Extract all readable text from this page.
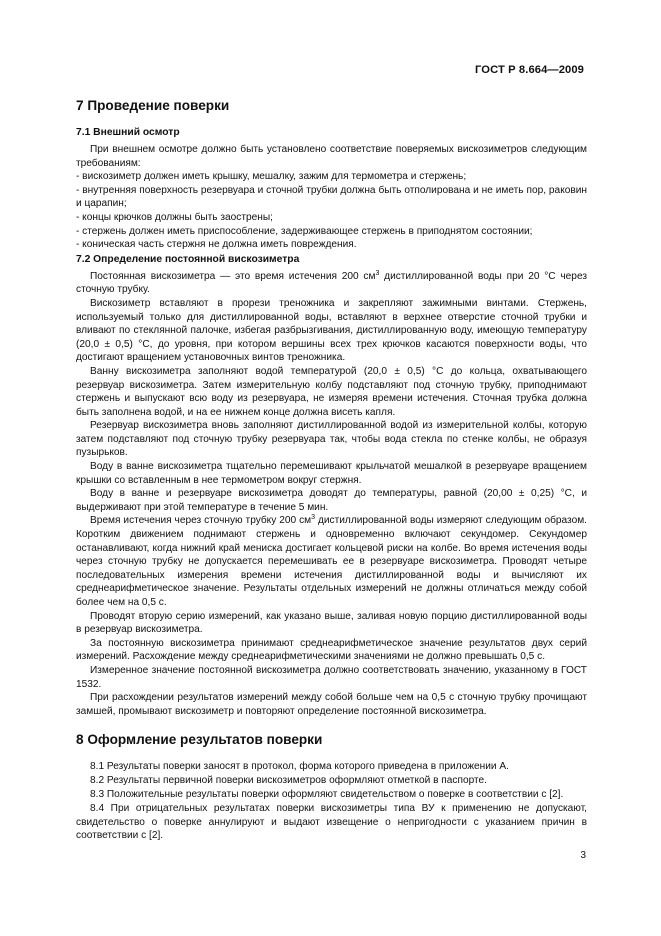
ГОСТ Р 8.664—2009
7 Проведение поверки
7.1 Внешний осмотр

При внешнем осмотре должно быть установлено соответствие поверяемых вискозиметров следующим требованиям:

- вискозиметр должен иметь крышку, мешалку, зажим для термометра и стержень;

- внутренняя поверхность резервуара и сточной трубки должна быть отполирована и не иметь пор, раковин и царапин;

- концы крючков должны быть заострены;

- стержень должен иметь приспособление, задерживающее стержень в приподнятом состоянии;

- коническая часть стержня не должна иметь повреждения.

7.2 Определение постоянной вискозиметра

Постоянная вискозиметра — это время истечения 200 $см^3$ дистиллированной воды при 20 °С через сточную трубку.

Вискозиметр вставляют в прорези треножника и закрепляют зажимными винтами. Стержень, используемый только для дистиллированной воды, вставляют в верхнее отверстие сточной трубки и вливают по стеклянной палочке, избегая разбрызгивания, дистиллированную воду, имеющую температуру (20,0 ± 0,5) °С, до уровня, при котором вершины всех трех крючков касаются поверхности воды, что достигают вращением установочных винтов треножника.

Ванну вискозиметра заполняют водой температурой (20,0 ± 0,5) °С до кольца, охватывающего резервуар вискозиметра. Затем измерительную колбу подставляют под сточную трубку, приподнимают стержень и выпускают всю воду из резервуара, не измеряя времени истечения. Сточная трубка должна быть заполнена водой, и на ее нижнем конце должна висеть капля.

Резервуар вискозиметра вновь заполняют дистиллированной водой из измерительной колбы, которую затем подставляют под сточную трубку резервуара так, чтобы вода стекла по стенке колбы, не образуя пузырьков.

Воду в ванне вискозиметра тщательно перемешивают крыльчатой мешалкой в резервуаре вращением крышки со вставленным в нее термометром вокруг стержня.

Воду в ванне и резервуаре вискозиметра доводят до температуры, равной (20,00 ± 0,25) °С, и выдерживают при этой температуре в течение 5 мин.

Время истечения через сточную трубку 200 $см^3$ дистиллированной воды измеряют следующим образом. Коротким движением поднимают стержень и одновременно включают секундомер. Секундомер останавливают, когда нижний край мениска достигает кольцевой риски на колбе. Во время истечения воды через сточную трубку не допускается перемешивать ее в резервуаре вискозиметра. Проводят четыре последовательных измерения времени истечения дистиллированной воды и вычисляют их среднеарифметическое значение. Результаты отдельных измерений не должны отличаться между собой более чем на 0,5 с.

Проводят вторую серию измерений, как указано выше, заливая новую порцию дистиллированной воды в резервуар вискозиметра.

За постоянную вискозиметра принимают среднеарифметическое значение результатов двух серий измерений. Расхождение между среднеарифметическими значениями не должно превышать 0,5 с.

Измеренное значение постоянной вискозиметра должно соответствовать значению, указанному в ГОСТ 1532.

При расхождении результатов измерений между собой больше чем на 0,5 с сточную трубку прочищают замшей, промывают вискозиметр и повторяют определение постоянной вискозиметра.

8 Оформление результатов поверки

8.1 Результаты поверки заносят в протокол, форма которого приведена в приложении А.

8.2 Результаты первичной поверки вискозиметров оформляют отметкой в паспорте.

8.3 Положительные результаты поверки оформляют свидетельством о поверке в соответствии с [2].

8.4 При отрицательных результатах поверки вискозиметры типа ВУ к применению не допускают, свидетельство о поверке аннулируют и выдают извещение о непригодности с указанием причин в соответствии с [2].

3
